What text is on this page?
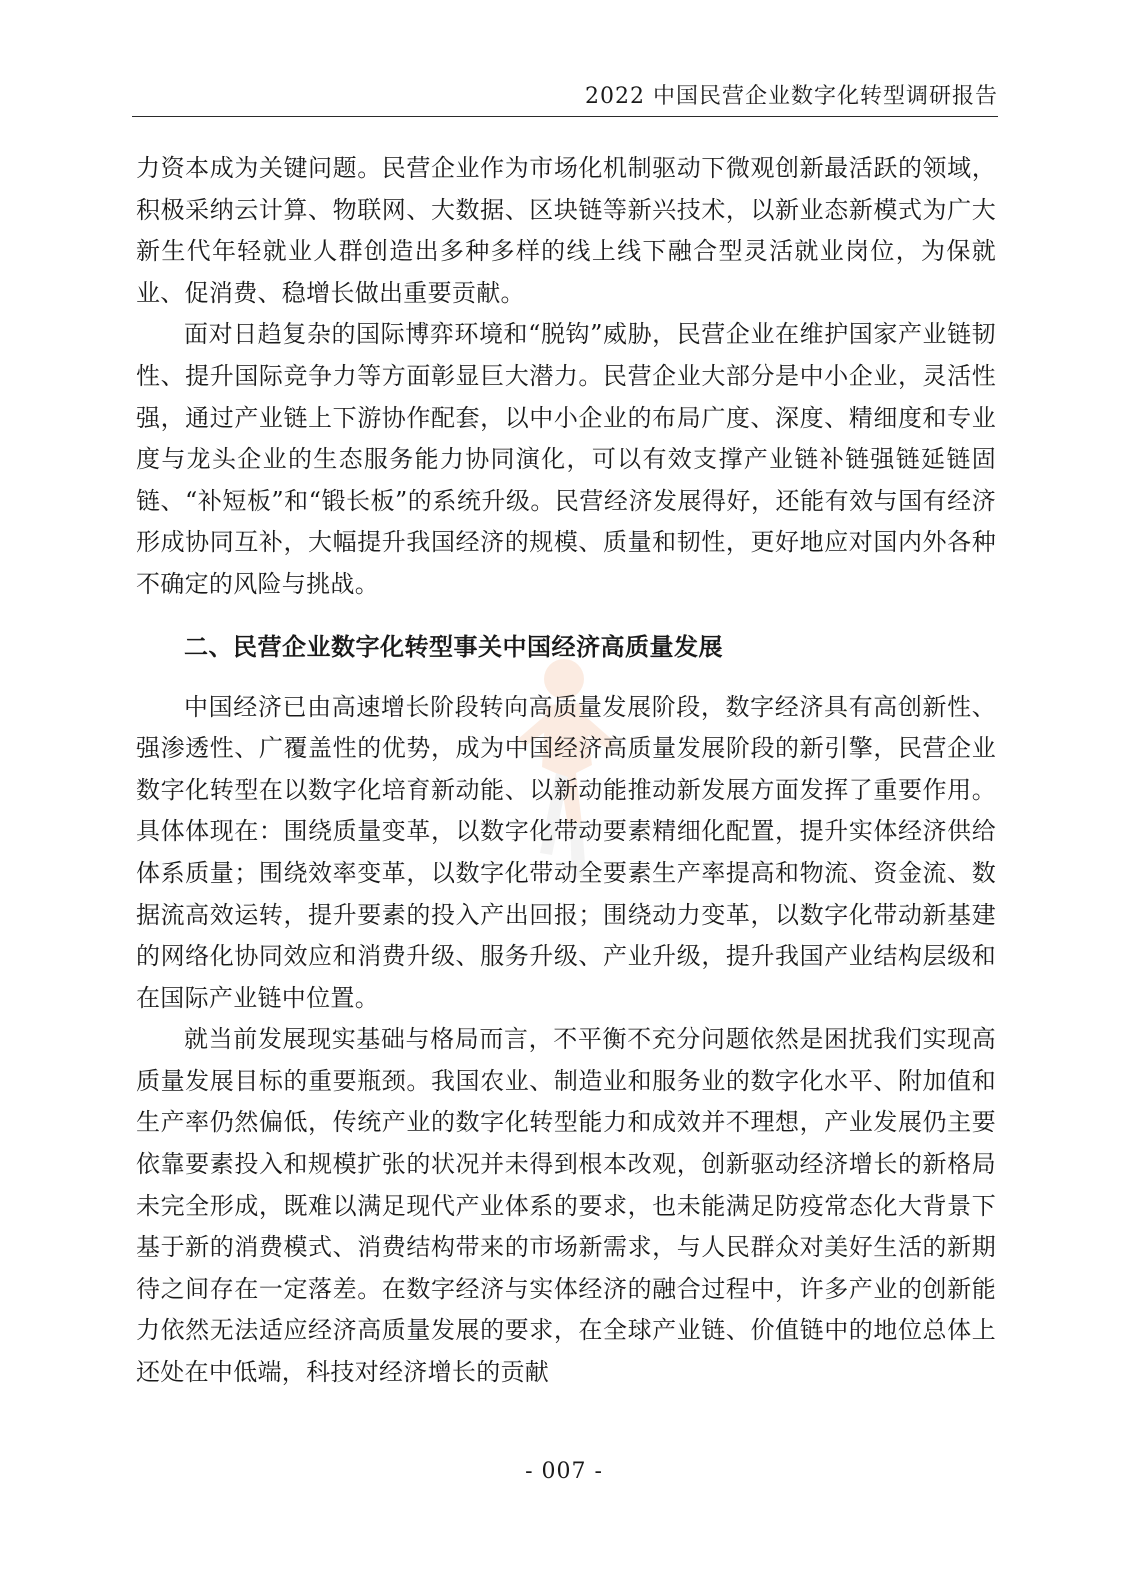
2022 中国民营企业数字化转型调研报告

力资本成为关键问题。民营企业作为市场化机制驱动下微观创新最活跃的领域，积极采纳云计算、物联网、大数据、区块链等新兴技术，以新业态新模式为广大新生代年轻就业人群创造出多种多样的线上线下融合型灵活就业岗位，为保就业、促消费、稳增长做出重要贡献。

面对日趋复杂的国际博弈环境和“脱钩”威胁，民营企业在维护国家产业链韧性、提升国际竞争力等方面彰显巨大潜力。民营企业大部分是中小企业，灵活性强，通过产业链上下游协作配套，以中小企业的布局广度、深度、精细度和专业度与龙头企业的生态服务能力协同演化，可以有效支撑产业链补链强链延链固链、“补短板”和“锻长板”的系统升级。民营经济发展得好，还能有效与国有经济形成协同互补，大幅提升我国经济的规模、质量和韧性，更好地应对国内外各种不确定的风险与挑战。

二、民营企业数字化转型事关中国经济高质量发展

中国经济已由高速增长阶段转向高质量发展阶段，数字经济具有高创新性、强渗透性、广覆盖性的优势，成为中国经济高质量发展阶段的新引擎，民营企业数字化转型在以数字化培育新动能、以新动能推动新发展方面发挥了重要作用。具体体现在：围绕质量变革，以数字化带动要素精细化配置，提升实体经济供给体系质量；围绕效率变革，以数字化带动全要素生产率提高和物流、资金流、数据流高效运转，提升要素的投入产出回报；围绕动力变革，以数字化带动新基建的网络化协同效应和消费升级、服务升级、产业升级，提升我国产业结构层级和在国际产业链中位置。

就当前发展现实基础与格局而言，不平衡不充分问题依然是困扰我们实现高质量发展目标的重要瓶颈。我国农业、制造业和服务业的数字化水平、附加值和生产率仍然偏低，传统产业的数字化转型能力和成效并不理想，产业发展仍主要依靠要素投入和规模扩张的状况并未得到根本改观，创新驱动经济增长的新格局未完全形成，既难以满足现代产业体系的要求，也未能满足防疫常态化大背景下基于新的消费模式、消费结构带来的市场新需求，与人民群众对美好生活的新期待之间存在一定落差。在数字经济与实体经济的融合过程中，许多产业的创新能力依然无法适应经济高质量发展的要求，在全球产业链、价值链中的地位总体上还处在中低端，科技对经济增长的贡献

- 007 -
